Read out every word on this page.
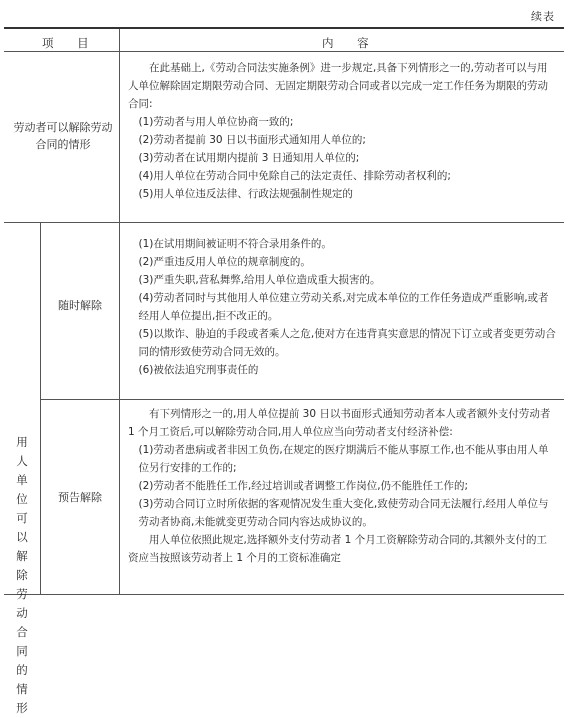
续表
项 目	内 容
劳动者可以解除劳动合同的情形

在此基础上,《劳动合同法实施条例》进一步规定,具备下列情形之一的,劳动者可以与用人单位解除固定期限劳动合同、无固定期限劳动合同或者以完成一定工作任务为期限的劳动合同:

(1)劳动者与用人单位协商一致的;

(2)劳动者提前 30 日以书面形式通知用人单位的;

(3)劳动者在试用期内提前 3 日通知用人单位的;

(4)用人单位在劳动合同中免除自己的法定责任、排除劳动者权利的;

(5)用人单位违反法律、行政法规强制性规定的

用人单位可以解除劳动合同的情形
随时解除

(1)在试用期间被证明不符合录用条件的。

(2)严重违反用人单位的规章制度的。

(3)严重失职,营私舞弊,给用人单位造成重大损害的。

(4)劳动者同时与其他用人单位建立劳动关系,对完成本单位的工作任务造成严重影响,或者经用人单位提出,拒不改正的。

(5)以欺诈、胁迫的手段或者乘人之危,使对方在违背真实意思的情况下订立或者变更劳动合同的情形致使劳动合同无效的。

(6)被依法追究刑事责任的

预告解除

有下列情形之一的,用人单位提前 30 日以书面形式通知劳动者本人或者额外支付劳动者 1 个月工资后,可以解除劳动合同,用人单位应当向劳动者支付经济补偿:

(1)劳动者患病或者非因工负伤,在规定的医疗期满后不能从事原工作,也不能从事由用人单位另行安排的工作的;

(2)劳动者不能胜任工作,经过培训或者调整工作岗位,仍不能胜任工作的;

(3)劳动合同订立时所依据的客观情况发生重大变化,致使劳动合同无法履行,经用人单位与劳动者协商,未能就变更劳动合同内容达成协议的。

用人单位依照此规定,选择额外支付劳动者 1 个月工资解除劳动合同的,其额外支付的工资应当按照该劳动者上 1 个月的工资标准确定
